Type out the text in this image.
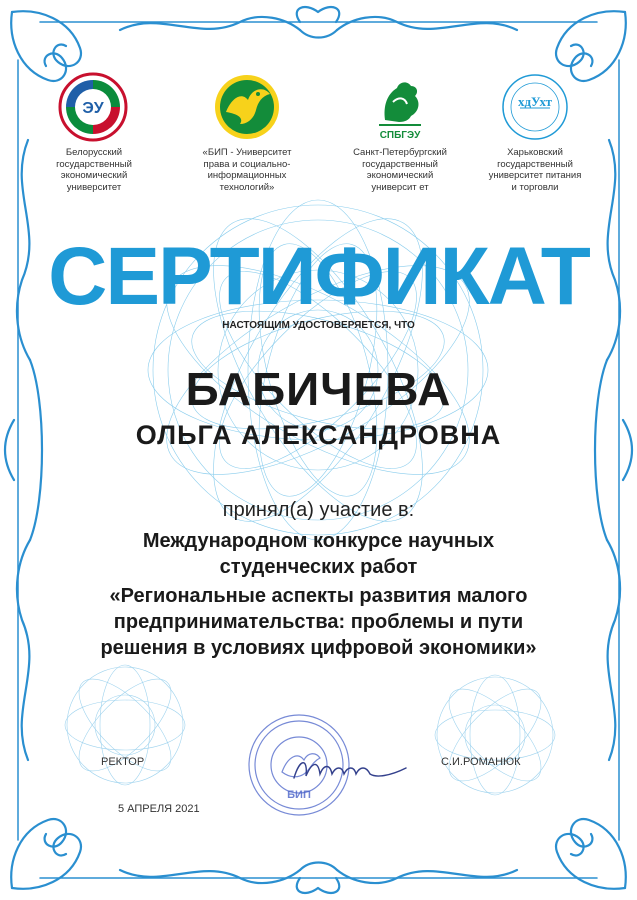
ЭУ
СПБГЭУ
хдУхт
Белорусский
государственный
экономический
университет
«БИП - Университет
права и социально-
информационных
технологий»
Санкт-Петербургский
государственный
экономический
университ ет
Харьковский
государственный
университет питания
и торговли
СЕРТИФИКАТ
НАСТОЯЩИМ УДОСТОВЕРЯЕТСЯ, ЧТО
БАБИЧЕВА
ОЛЬГА АЛЕКСАНДРОВНА
принял(а) участие в:
Международном конкурсе научных
студенческих работ
«Региональные аспекты развития малого
предпринимательства: проблемы и пути
решения в условиях цифровой экономики»
РЕКТОР	С.И.РОМАНЮК
5 АПРЕЛЯ 2021
БИП
